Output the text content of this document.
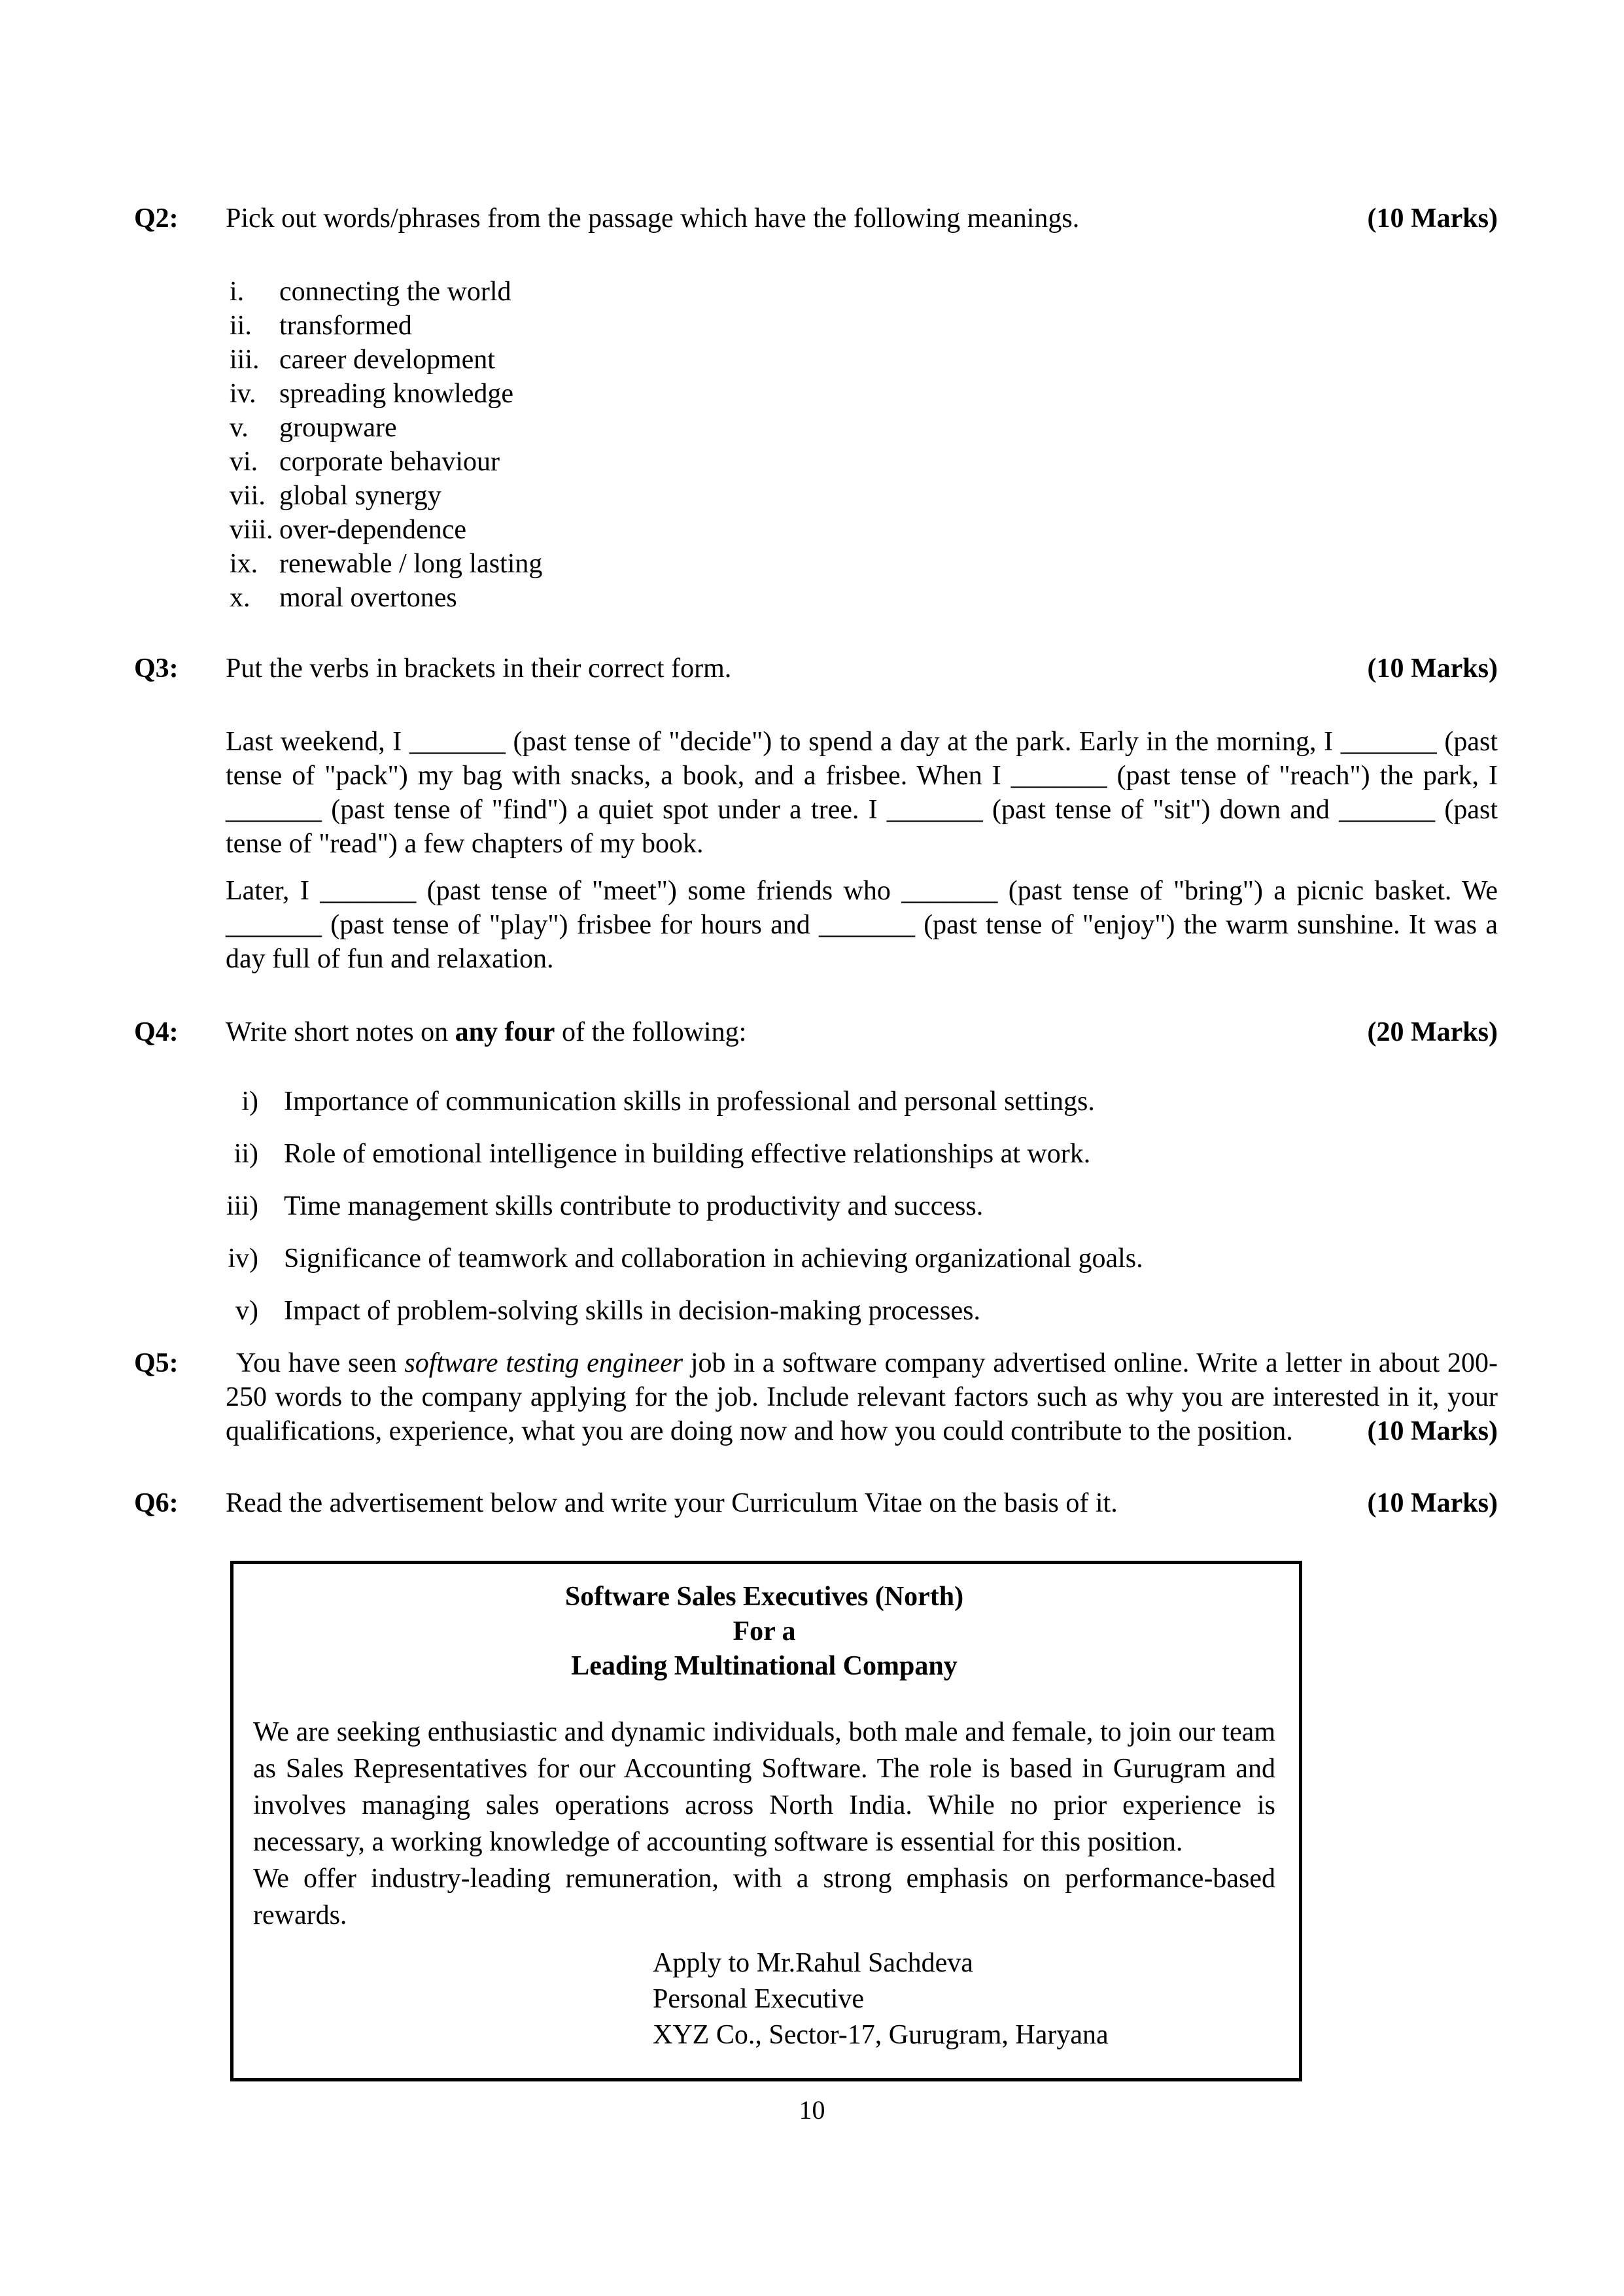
Q2: Pick out words/phrases from the passage which have the following meanings.	(10 Marks)
i. connecting the world
ii. transformed
iii. career development
iv. spreading knowledge
v. groupware
vi. corporate behaviour
vii. global synergy
viii. over-dependence
ix. renewable / long lasting
x. moral overtones
Q3: Put the verbs in brackets in their correct form.	(10 Marks)
Last weekend, I _______ (past tense of "decide") to spend a day at the park. Early in the morning, I _______ (past tense of "pack") my bag with snacks, a book, and a frisbee. When I _______ (past tense of "reach") the park, I _______ (past tense of "find") a quiet spot under a tree. I _______ (past tense of "sit") down and _______ (past tense of "read") a few chapters of my book.
Later, I _______ (past tense of "meet") some friends who _______ (past tense of "bring") a picnic basket. We _______ (past tense of "play") frisbee for hours and _______ (past tense of "enjoy") the warm sunshine. It was a day full of fun and relaxation.
Q4: Write short notes on any four of the following:	(20 Marks)
i) Importance of communication skills in professional and personal settings.
ii) Role of emotional intelligence in building effective relationships at work.
iii) Time management skills contribute to productivity and success.
iv) Significance of teamwork and collaboration in achieving organizational goals.
v) Impact of problem-solving skills in decision-making processes.
Q5:	You have seen software testing engineer job in a software company advertised online. Write a letter in about 200-250 words to the company applying for the job. Include relevant factors such as why you are interested in it, your qualifications, experience, what you are doing now and how you could contribute to the position.	(10 Marks)
Q6: Read the advertisement below and write your Curriculum Vitae on the basis of it.	(10 Marks)
Software Sales Executives (North)
For a
Leading Multinational Company
We are seeking enthusiastic and dynamic individuals, both male and female, to join our team as Sales Representatives for our Accounting Software. The role is based in Gurugram and involves managing sales operations across North India. While no prior experience is necessary, a working knowledge of accounting software is essential for this position.
We offer industry-leading remuneration, with a strong emphasis on performance-based rewards.
Apply to Mr.Rahul Sachdeva
Personal Executive
XYZ Co., Sector-17, Gurugram, Haryana
10
